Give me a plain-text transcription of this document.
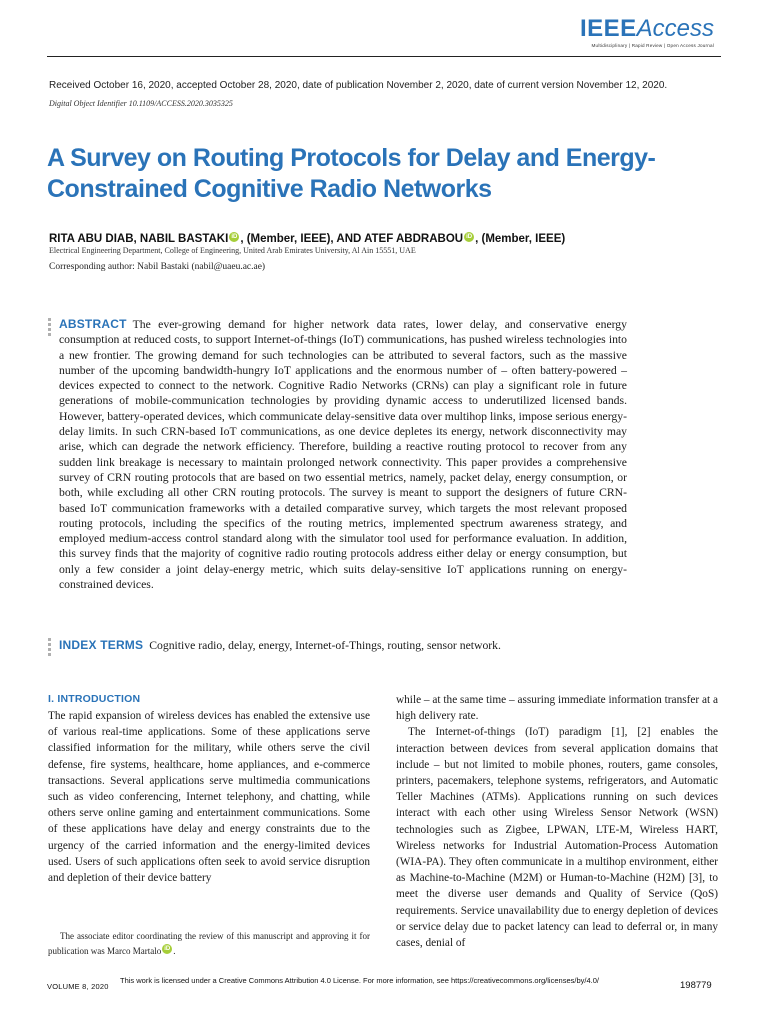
IEEEAccess
Multidisciplinary | Rapid Review | Open Access Journal
Received October 16, 2020, accepted October 28, 2020, date of publication November 2, 2020, date of current version November 12, 2020.
Digital Object Identifier 10.1109/ACCESS.2020.3035325
A Survey on Routing Protocols for Delay and Energy-Constrained Cognitive Radio Networks
RITA ABU DIAB, NABIL BASTAKI iD , (Member, IEEE), AND ATEF ABDRABOU iD , (Member, IEEE)
Electrical Engineering Department, College of Engineering, United Arab Emirates University, Al Ain 15551, UAE
Corresponding author: Nabil Bastaki (nabil@uaeu.ac.ae)
ABSTRACT The ever-growing demand for higher network data rates, lower delay, and conservative energy consumption at reduced costs, to support Internet-of-things (IoT) communications, has pushed wireless technologies into a new frontier. The growing demand for such technologies can be attributed to several factors, such as the massive number of the upcoming bandwidth-hungry IoT applications and the enormous number of – often battery-powered – devices expected to connect to the network. Cognitive Radio Networks (CRNs) can play a significant role in future generations of mobile-communication technologies by providing dynamic access to underutilized licensed bands. However, battery-operated devices, which communicate delay-sensitive data over multihop links, impose serious energy-delay limits. In such CRN-based IoT communications, as one device depletes its energy, network disconnectivity may arise, which can degrade the network efficiency. Therefore, building a reactive routing protocol to recover from any sudden link breakage is necessary to maintain prolonged network connectivity. This paper provides a comprehensive survey of CRN routing protocols that are based on two essential metrics, namely, packet delay, energy consumption, or both, while excluding all other CRN routing protocols. The survey is meant to support the designers of future CRN-based IoT communication frameworks with a detailed comparative survey, which targets the most relevant proposed routing protocols, including the specifics of the routing metrics, implemented spectrum awareness strategy, and employed medium-access control standard along with the simulator tool used for performance evaluation. In addition, this survey finds that the majority of cognitive radio routing protocols address either delay or energy consumption, but only a few consider a joint delay-energy metric, which suits delay-sensitive IoT applications running on energy-constrained devices.
INDEX TERMS Cognitive radio, delay, energy, Internet-of-Things, routing, sensor network.
I. INTRODUCTION

The rapid expansion of wireless devices has enabled the extensive use of various real-time applications. Some of these applications serve classified information for the military, while others serve the civil defense, fire systems, healthcare, home appliances, and e-commerce transactions. Several applications serve multimedia communications such as video conferencing, Internet telephony, and chatting, while others serve online gaming and entertainment communications. Some of these applications have delay and energy constraints due to the urgency of the carried information and the energy-limited devices used. Users of such applications often seek to avoid service disruption and depletion of their device battery

while – at the same time – assuring immediate information transfer at a high delivery rate.

The Internet-of-things (IoT) paradigm [1], [2] enables the interaction between devices from several application domains that include – but not limited to mobile phones, routers, game consoles, printers, pacemakers, telephone systems, refrigerators, and Automatic Teller Machines (ATMs). Applications running on such devices interact with each other using Wireless Sensor Network (WSN) technologies such as Zigbee, LPWAN, LTE-M, Wireless HART, Wireless networks for Industrial Automation-Process Automation (WIA-PA). They often communicate in a multihop environment, either as Machine-to-Machine (M2M) or Human-to-Machine (H2M) [3], to meet the diverse user demands and Quality of Service (QoS) requirements. Service unavailability due to energy depletion of devices or service delay due to packet latency can lead to deferral or, in many cases, denial of

The associate editor coordinating the review of this manuscript and approving it for publication was Marco Martalo iD .
VOLUME 8, 2020
This work is licensed under a Creative Commons Attribution 4.0 License. For more information, see https://creativecommons.org/licenses/by/4.0/	198779
